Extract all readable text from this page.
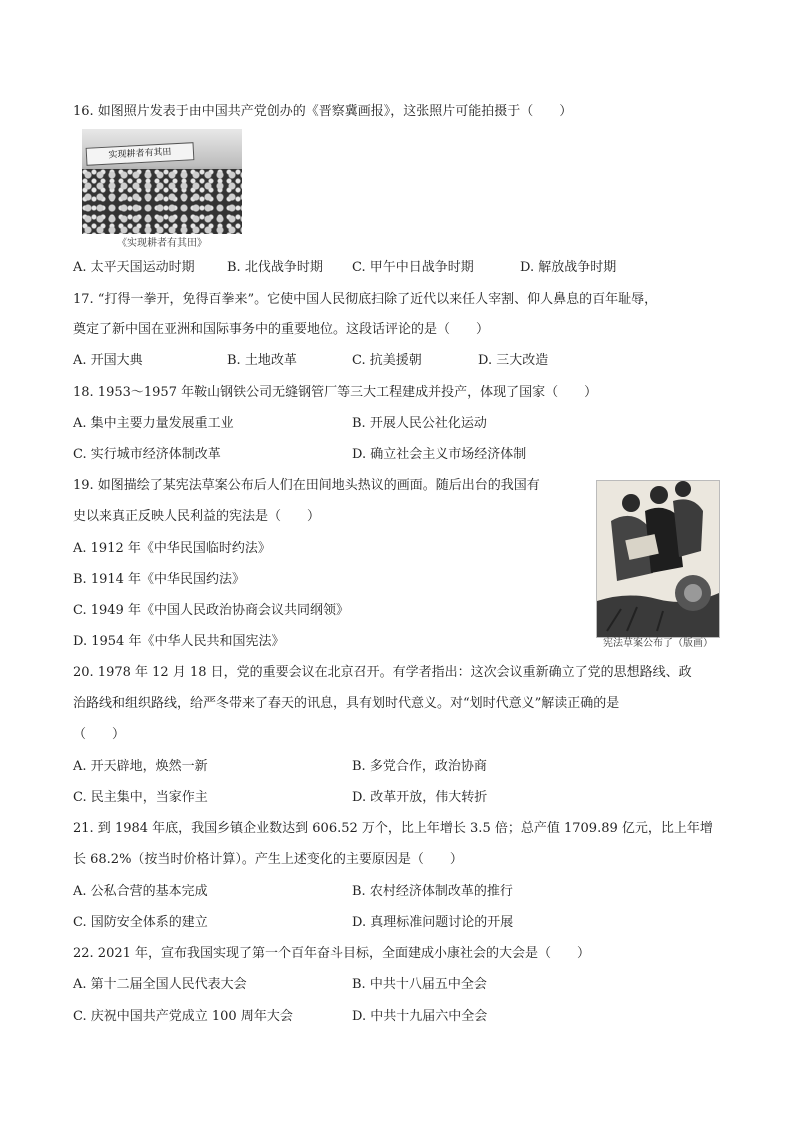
16. 如图照片发表于由中国共产党创办的《晋察冀画报》，这张照片可能拍摄于（　　）
实现耕者有其田
《实现耕者有其田》
A. 太平天国运动时期 B. 北伐战争时期 C. 甲午中日战争时期	D. 解放战争时期
17. “打得一拳开，免得百拳来”。它使中国人民彻底扫除了近代以来任人宰割、仰人鼻息的百年耻辱，
奠定了新中国在亚洲和国际事务中的重要地位。这段话评论的是（　　）
A. 开国大典	B. 土地改革	C. 抗美援朝	D. 三大改造
18. 1953～1957 年鞍山钢铁公司无缝钢管厂等三大工程建成并投产，体现了国家（　　）
A. 集中主要力量发展重工业	B. 开展人民公社化运动
C. 实行城市经济体制改革	D. 确立社会主义市场经济体制
19. 如图描绘了某宪法草案公布后人们在田间地头热议的画面。随后出台的我国有
史以来真正反映人民利益的宪法是（　　）
A. 1912 年《中华民国临时约法》
B. 1914 年《中华民国约法》
C. 1949 年《中国人民政治协商会议共同纲领》
D. 1954 年《中华人民共和国宪法》	宪法草案公布了（版画）
20. 1978 年 12 月 18 日，党的重要会议在北京召开。有学者指出：这次会议重新确立了党的思想路线、政
治路线和组织路线，给严冬带来了春天的讯息，具有划时代意义。对“划时代意义”解读正确的是
（　　）
A. 开天辟地，焕然一新	B. 多党合作，政治协商
C. 民主集中，当家作主	D. 改革开放，伟大转折
21. 到 1984 年底，我国乡镇企业数达到 606.52 万个，比上年增长 3.5 倍；总产值 1709.89 亿元，比上年增
长 68.2%（按当时价格计算）。产生上述变化的主要原因是（　　）
A. 公私合营的基本完成	B. 农村经济体制改革的推行
C. 国防安全体系的建立	D. 真理标准问题讨论的开展
22. 2021 年，宣布我国实现了第一个百年奋斗目标，全面建成小康社会的大会是（　　）
A. 第十二届全国人民代表大会	B. 中共十八届五中全会
C. 庆祝中国共产党成立 100 周年大会	D. 中共十九届六中全会
